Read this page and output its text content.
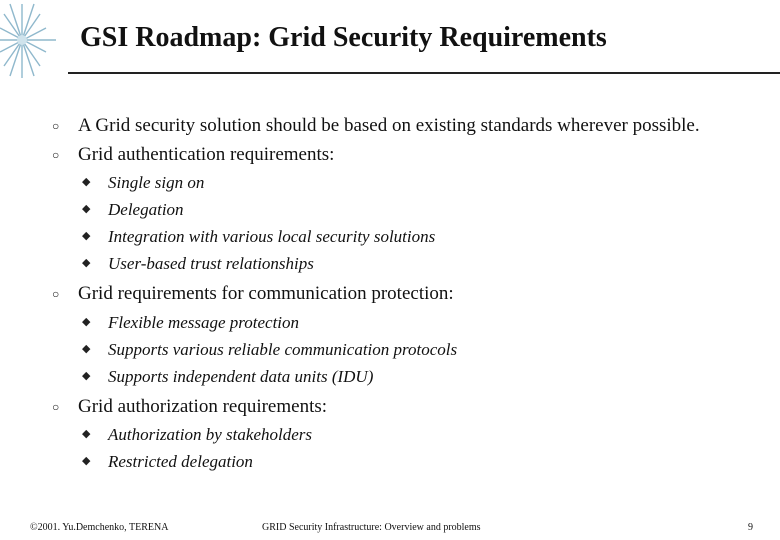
GSI Roadmap: Grid Security Requirements
○ A Grid security solution should be based on existing standards wherever possible.
○ Grid authentication requirements:
◆ Single sign on
◆ Delegation
◆ Integration with various local security solutions
◆ User-based trust relationships
○ Grid requirements for communication protection:
◆ Flexible message protection
◆ Supports various reliable communication protocols
◆ Supports independent data units (IDU)
○ Grid authorization requirements:
◆ Authorization by stakeholders
◆ Restricted delegation
©2001. Yu.Demchenko, TERENA	GRID Security Infrastructure: Overview and problems	9
